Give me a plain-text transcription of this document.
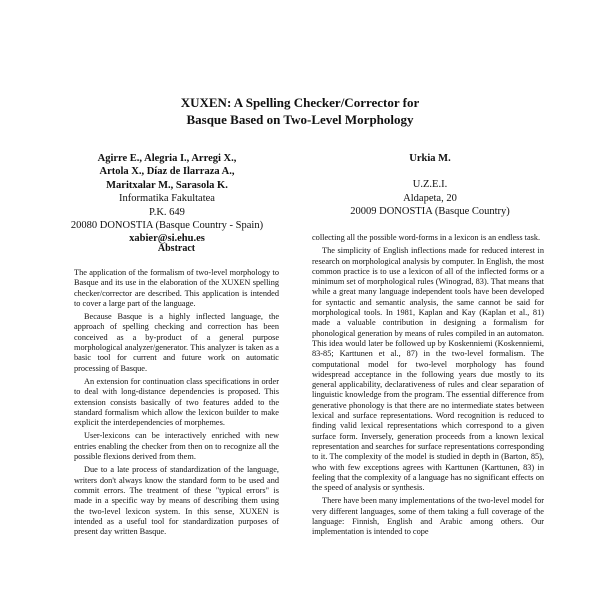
XUXEN: A Spelling Checker/Corrector for
Basque Based on Two-Level Morphology
Agirre E., Alegria I., Arregi X.,
Artola X., Díaz de Ilarraza A.,
Maritxalar M., Sarasola K.
Informatika Fakultatea
P.K. 649
20080 DONOSTIA (Basque Country - Spain)
xabier@si.ehu.es
Urkia M.
U.Z.E.I.
Aldapeta, 20
20009 DONOSTIA (Basque Country)
Abstract

The application of the formalism of two-level morphology to Basque and its use in the elaboration of the XUXEN spelling checker/corrector are described. This application is intended to cover a large part of the language.

Because Basque is a highly inflected language, the approach of spelling checking and correction has been conceived as a by-product of a general purpose morphological analyzer/generator. This analyzer is taken as a basic tool for current and future work on automatic processing of Basque.

An extension for continuation class specifications in order to deal with long-distance dependencies is proposed. This extension consists basically of two features added to the standard formalism which allow the lexicon builder to make explicit the interdependencies of morphemes.

User-lexicons can be interactively enriched with new entries enabling the checker from then on to recognize all the possible flexions derived from them.

Due to a late process of standardization of the language, writers don't always know the standard form to be used and commit errors. The treatment of these "typical errors" is made in a specific way by means of describing them using the two-level lexicon system. In this sense, XUXEN is intended as a useful tool for standardization purposes of present day written Basque.

collecting all the possible word-forms in a lexicon is an endless task.

The simplicity of English inflections made for reduced interest in research on morphological analysis by computer. In English, the most common practice is to use a lexicon of all of the inflected forms or a minimum set of morphological rules (Winograd, 83). That means that while a great many language independent tools have been developed for syntactic and semantic analysis, the same cannot be said for morphological tools. In 1981, Kaplan and Kay (Kaplan et al., 81) made a valuable contribution in designing a formalism for phonological generation by means of rules compiled in an automaton. This idea would later be followed up by Koskenniemi (Koskenniemi, 83-85; Karttunen et al., 87) in the two-level formalism. The computational model for two-level morphology has found widespread acceptance in the following years due mostly to its general applicability, declarativeness of rules and clear separation of linguistic knowledge from the program. The essential difference from generative phonology is that there are no intermediate states between lexical and surface representations. Word recognition is reduced to finding valid lexical representations which correspond to a given surface form. Inversely, generation proceeds from a known lexical representation and searches for surface representations corresponding to it. The complexity of the model is studied in depth in (Barton, 85), who with few exceptions agrees with Karttunen (Karttunen, 83) in feeling that the complexity of a language has no significant effects on the speed of analysis or synthesis.

There have been many implementations of the two-level model for very different languages, some of them taking a full coverage of the language: Finnish, English and Arabic among others. Our implementation is intended to cope
